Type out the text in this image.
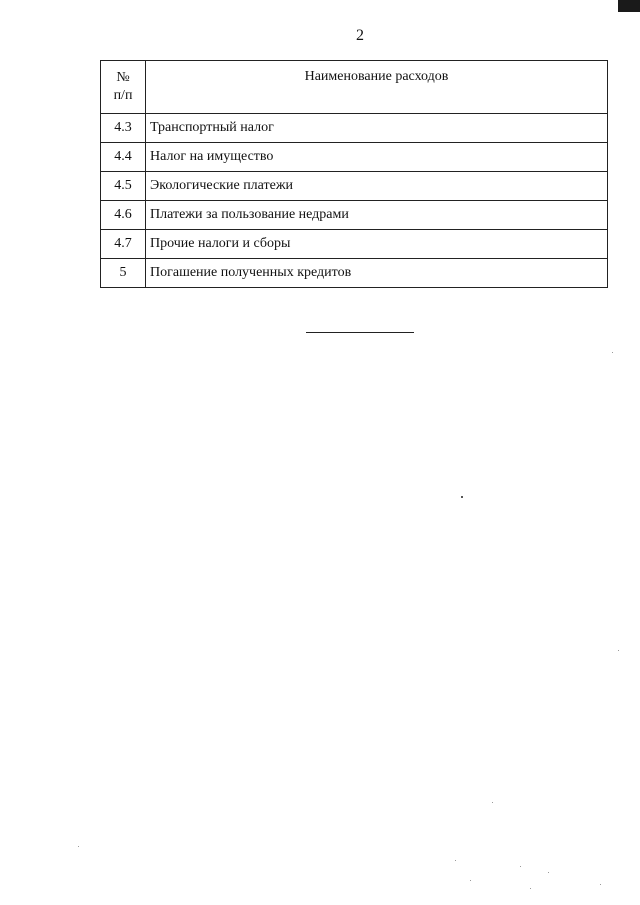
2
№
п/п	Наименование расходов
4.3	Транспортный налог
4.4	Налог на имущество
4.5	Экологические платежи
4.6	Платежи за пользование недрами
4.7	Прочие налоги и сборы
5	Погашение полученных кредитов
